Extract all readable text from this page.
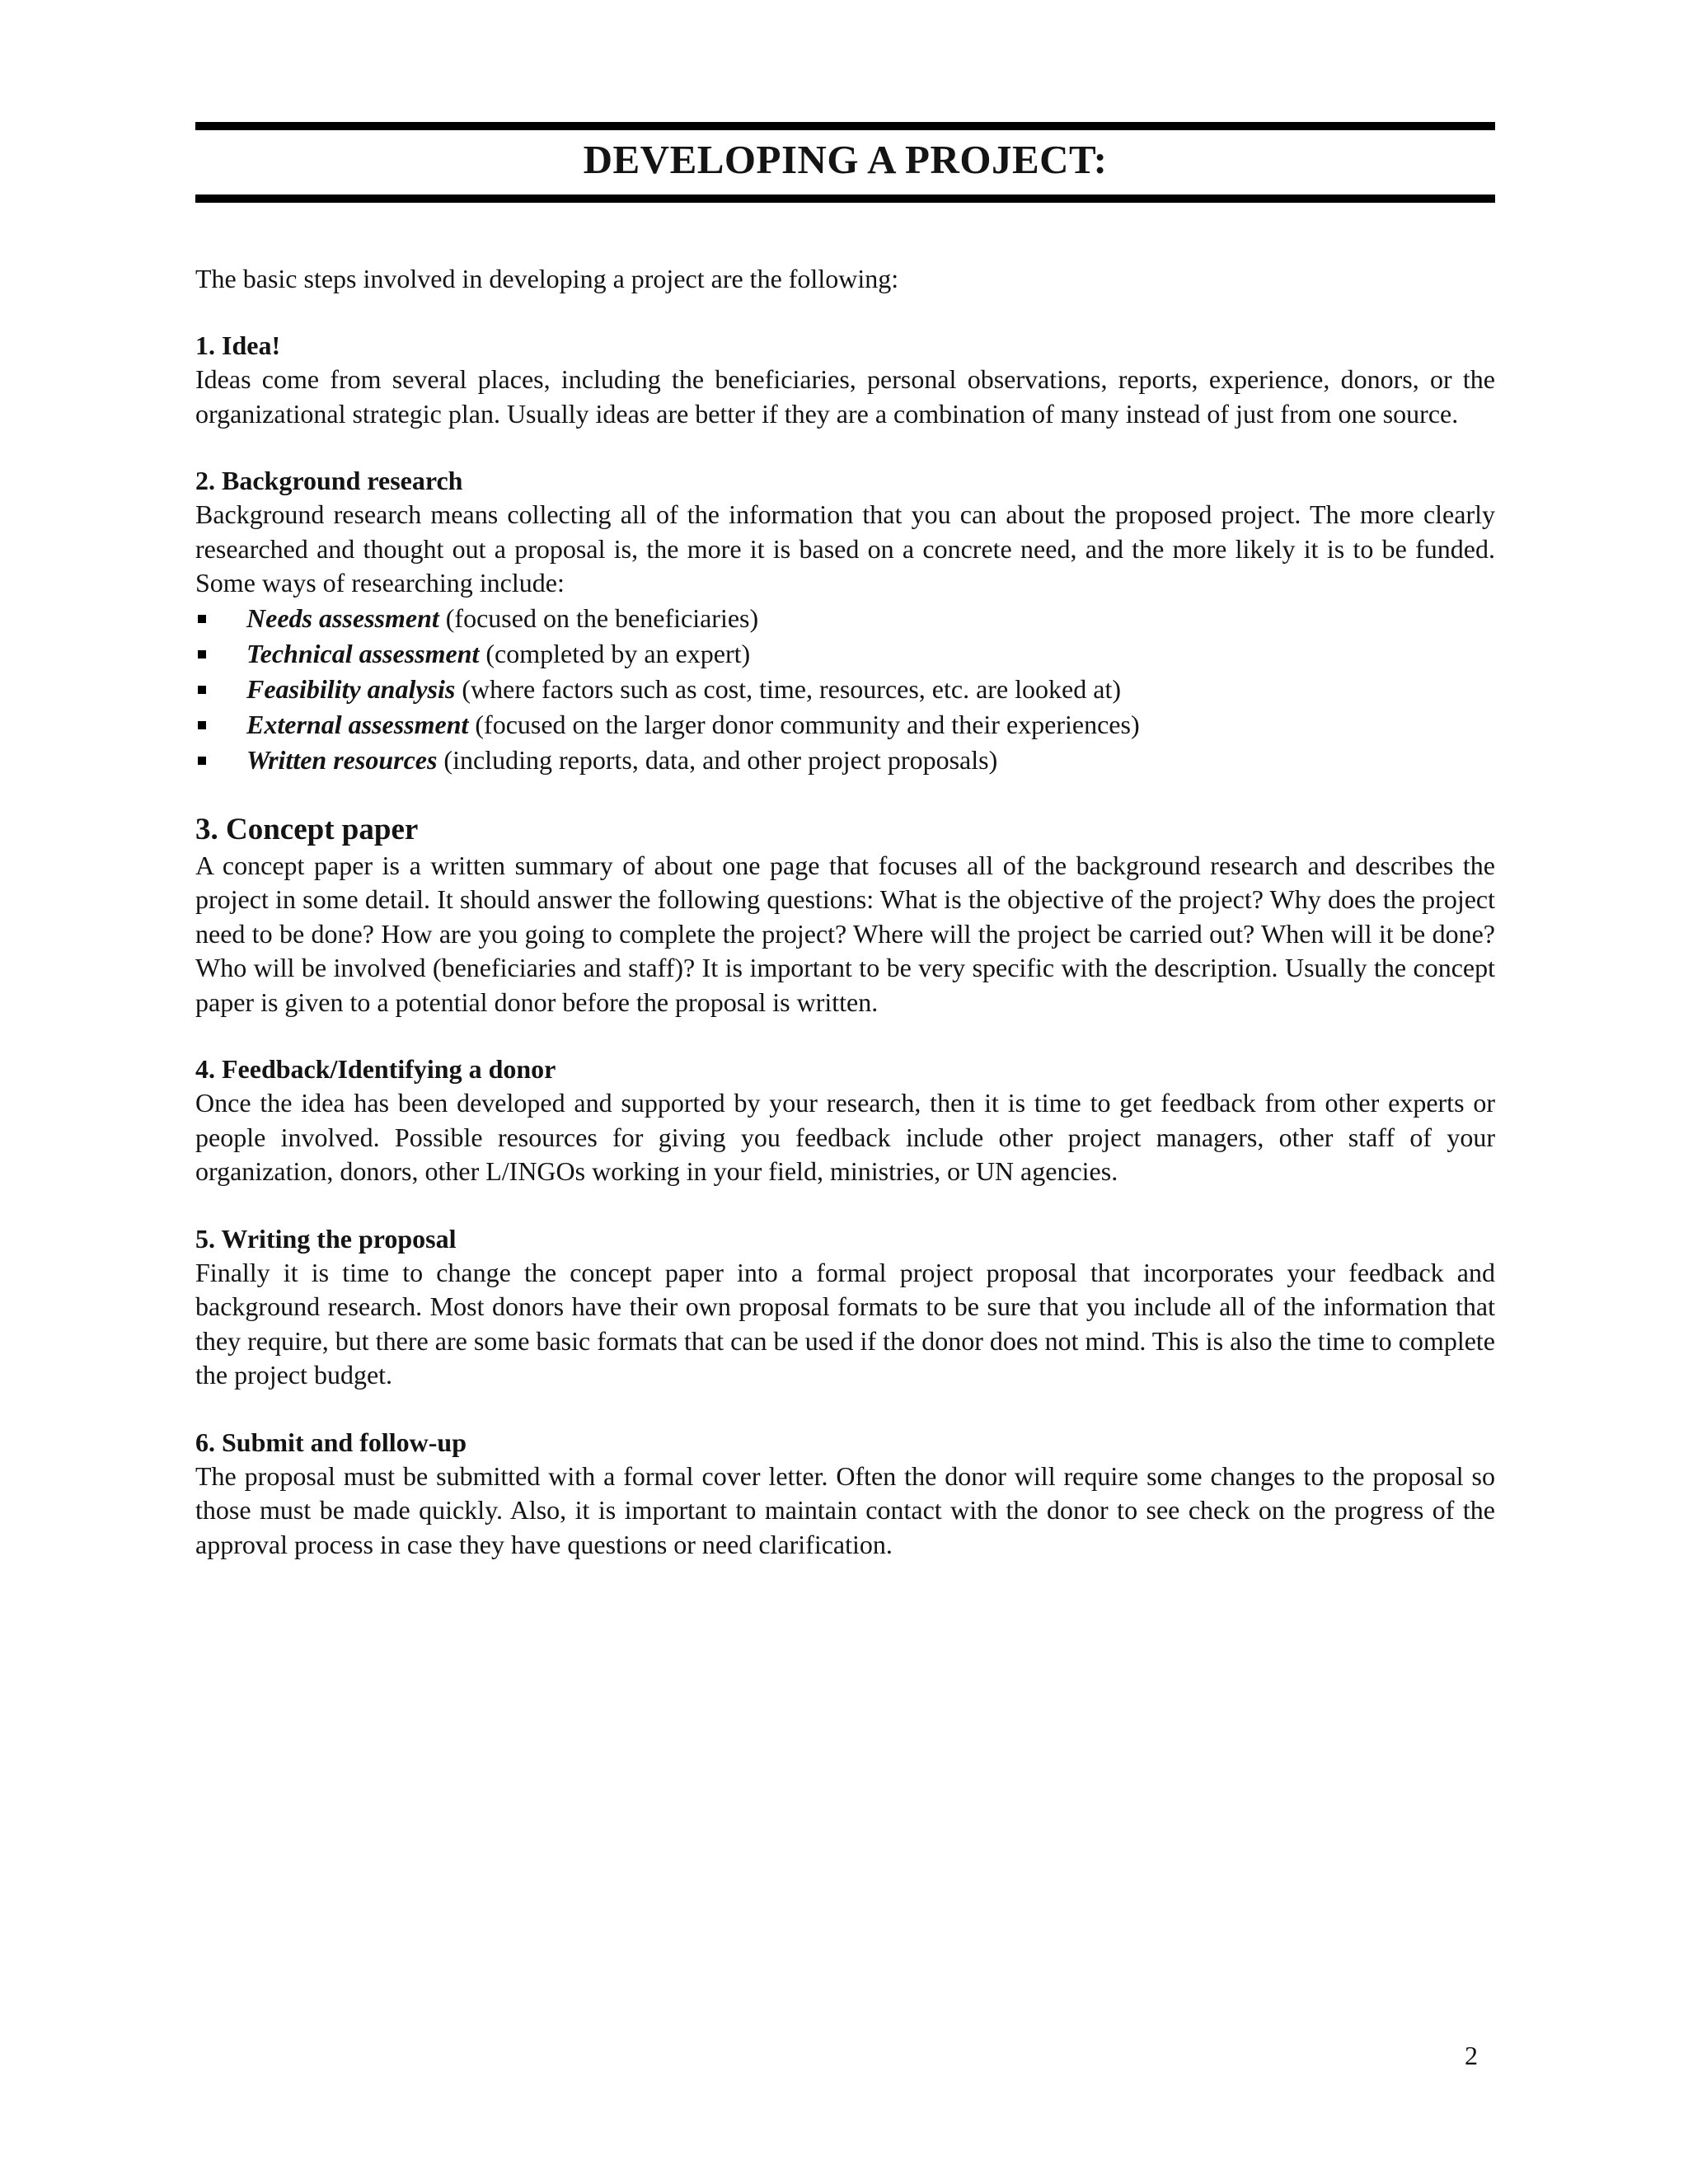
DEVELOPING A PROJECT:
The basic steps involved in developing a project are the following:
1. Idea!
Ideas come from several places, including the beneficiaries, personal observations, reports, experience, donors, or the organizational strategic plan. Usually ideas are better if they are a combination of many instead of just from one source.
2. Background research
Background research means collecting all of the information that you can about the proposed project. The more clearly researched and thought out a proposal is, the more it is based on a concrete need, and the more likely it is to be funded. Some ways of researching include:
Needs assessment (focused on the beneficiaries)
Technical assessment (completed by an expert)
Feasibility analysis (where factors such as cost, time, resources, etc. are looked at)
External assessment (focused on the larger donor community and their experiences)
Written resources (including reports, data, and other project proposals)
3. Concept paper
A concept paper is a written summary of about one page that focuses all of the background research and describes the project in some detail. It should answer the following questions: What is the objective of the project? Why does the project need to be done? How are you going to complete the project? Where will the project be carried out? When will it be done? Who will be involved (beneficiaries and staff)? It is important to be very specific with the description. Usually the concept paper is given to a potential donor before the proposal is written.
4. Feedback/Identifying a donor
Once the idea has been developed and supported by your research, then it is time to get feedback from other experts or people involved. Possible resources for giving you feedback include other project managers, other staff of your organization, donors, other L/INGOs working in your field, ministries, or UN agencies.
5. Writing the proposal
Finally it is time to change the concept paper into a formal project proposal that incorporates your feedback and background research. Most donors have their own proposal formats to be sure that you include all of the information that they require, but there are some basic formats that can be used if the donor does not mind. This is also the time to complete the project budget.
6. Submit and follow-up
The proposal must be submitted with a formal cover letter. Often the donor will require some changes to the proposal so those must be made quickly. Also, it is important to maintain contact with the donor to see check on the progress of the approval process in case they have questions or need clarification.
2
